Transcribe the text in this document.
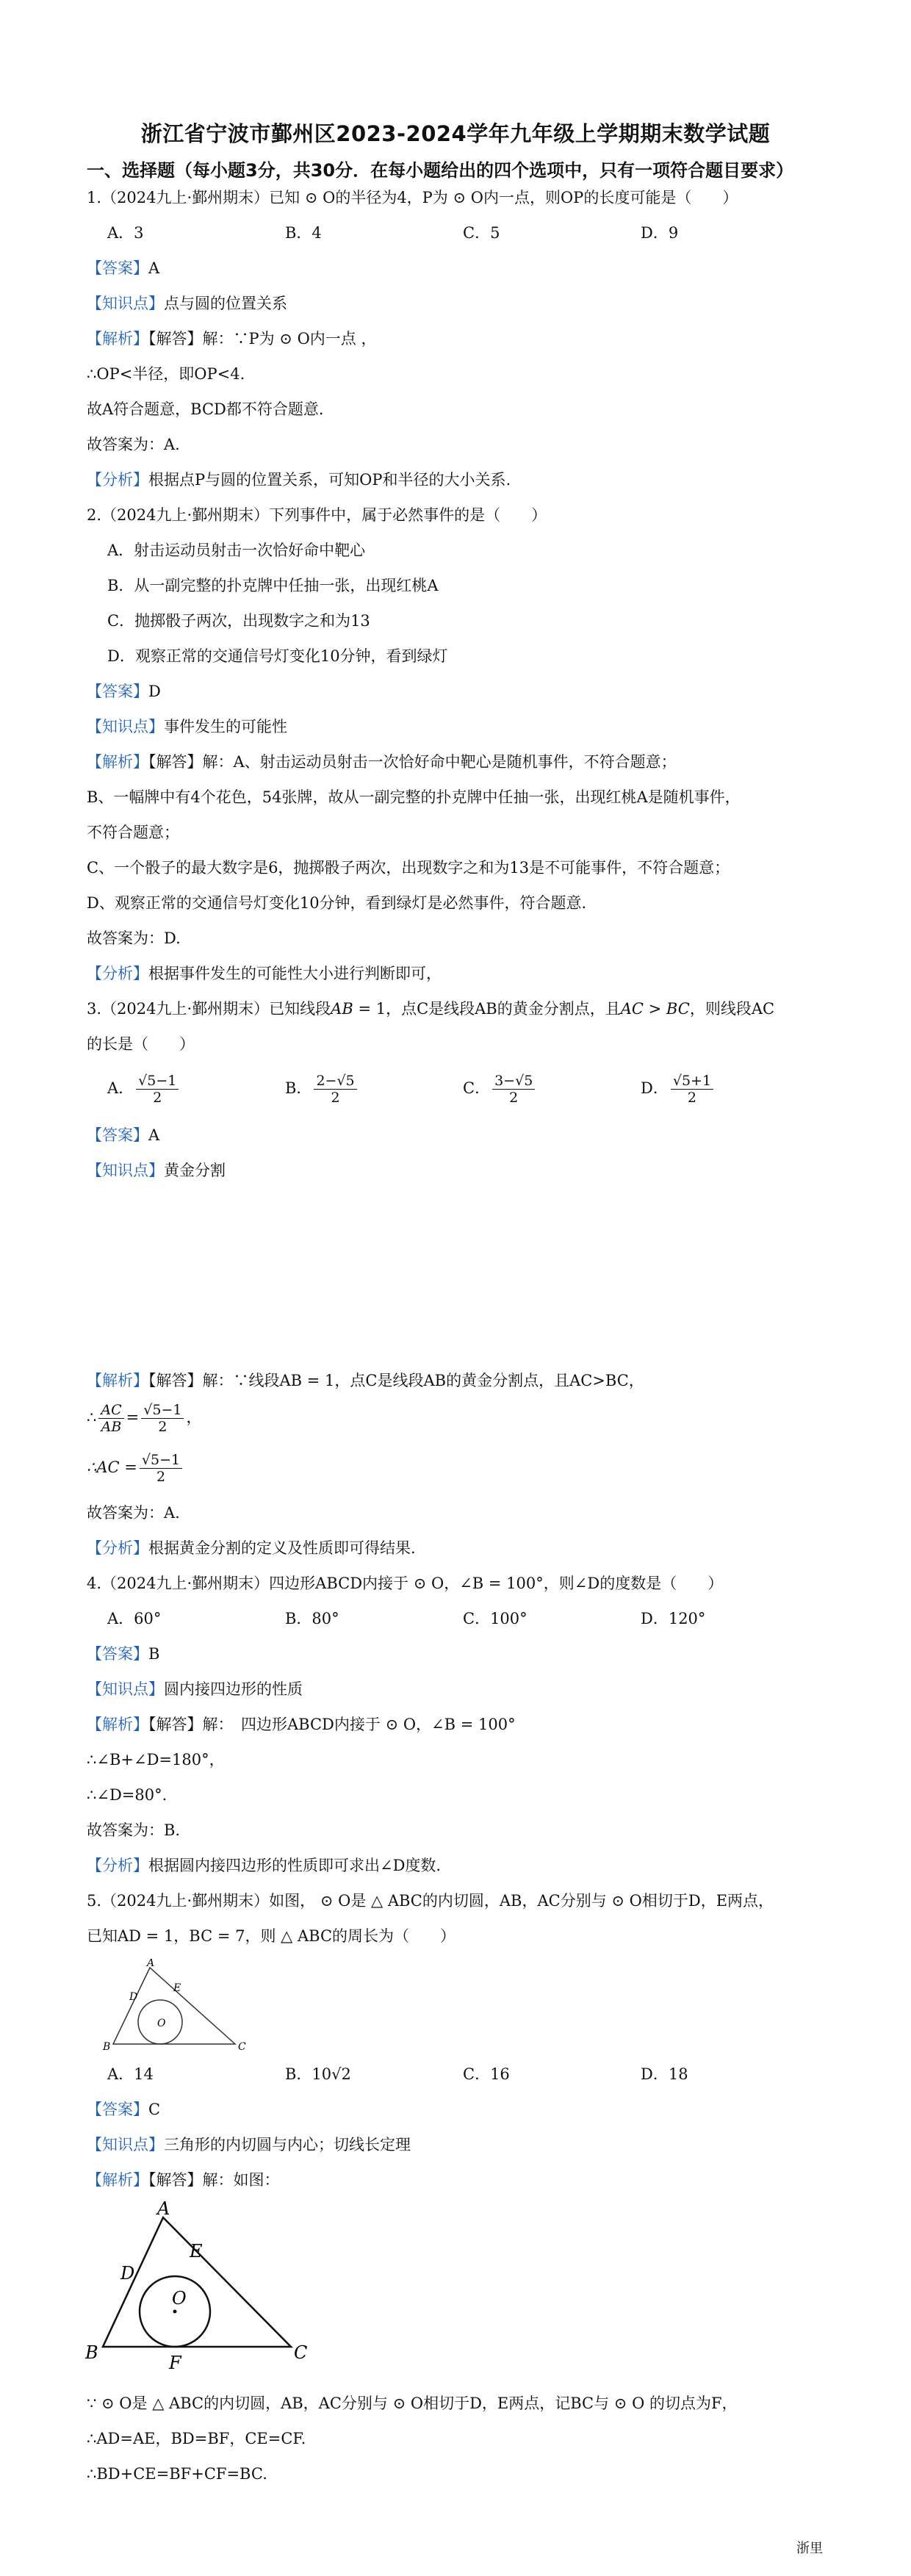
浙江省宁波市鄞州区2023-2024学年九年级上学期期末数学试题
一、选择题（每小题3分，共30分．在每小题给出的四个选项中，只有一项符合题目要求）
1.（2024九上·鄞州期末）已知 ⊙ O的半径为4，P为 ⊙ O内一点，则OP的长度可能是（　　）
A．3	B．4	C．5	D．9
【答案】A
【知识点】点与圆的位置关系
【解析】【解答】解：∵P为 ⊙ O内一点 ，
∴OP<半径，即OP<4.
故A符合题意，BCD都不符合题意.
故答案为：A.
【分析】根据点P与圆的位置关系，可知OP和半径的大小关系.
2.（2024九上·鄞州期末）下列事件中，属于必然事件的是（　　）
A．射击运动员射击一次恰好命中靶心
B．从一副完整的扑克牌中任抽一张，出现红桃A
C．抛掷骰子两次，出现数字之和为13
D．观察正常的交通信号灯变化10分钟，看到绿灯
【答案】D
【知识点】事件发生的可能性
【解析】【解答】解：A、射击运动员射击一次恰好命中靶心是随机事件，不符合题意；
B、一幅牌中有4个花色，54张牌，故从一副完整的扑克牌中任抽一张，出现红桃A是随机事件，
不符合题意；
C、一个骰子的最大数字是6，抛掷骰子两次，出现数字之和为13是不可能事件，不符合题意；
D、观察正常的交通信号灯变化10分钟，看到绿灯是必然事件，符合题意.
故答案为：D.
【分析】根据事件发生的可能性大小进行判断即可，
3.（2024九上·鄞州期末）已知线段AB = 1，点C是线段AB的黄金分割点，且AC > BC，则线段AC
的长是（　　）
A． $\frac{√5-1}{2}$	B． $\frac{2-√5}{2}$	C． $\frac{3-√5}{2}$	D． $\frac{√5+1}{2}$
【答案】A
【知识点】黄金分割
【解析】【解答】解：∵线段AB = 1，点C是线段AB的黄金分割点，且AC>BC，
∴ $\frac{AC}{AB} = \frac{√5-1}{2}$ ，
∴AC = $\frac{√5-1}{2}$
故答案为：A.
【分析】根据黄金分割的定义及性质即可得结果.
4.（2024九上·鄞州期末）四边形ABCD内接于 ⊙ O，∠B = 100°，则∠D的度数是（　　）
A．60°	B．80°	C．100°	D．120°
【答案】B
【知识点】圆内接四边形的性质
【解析】【解答】解：　四边形ABCD内接于 ⊙ O，∠B = 100°
∴∠B+∠D=180°，
∴∠D=80°.
故答案为：B.
【分析】根据圆内接四边形的性质即可求出∠D度数.
5.（2024九上·鄞州期末）如图， ⊙ O是 △ ABC的内切圆，AB，AC分别与 ⊙ O相切于D，E两点，
已知AD = 1，BC = 7，则 △ ABC的周长为（　　）
A
B	C
D
E
O
A．14	B．10√2	C．16	D．18
【答案】C
【知识点】三角形的内切圆与内心；切线长定理
【解析】【解答】解：如图：
A
B	C
D
E
F
O
∵ ⊙ O是 △ ABC的内切圆，AB，AC分别与 ⊙ O相切于D，E两点，记BC与 ⊙ O 的切点为F，
∴AD=AE，BD=BF，CE=CF.
∴BD+CE=BF+CF=BC.
浙里
